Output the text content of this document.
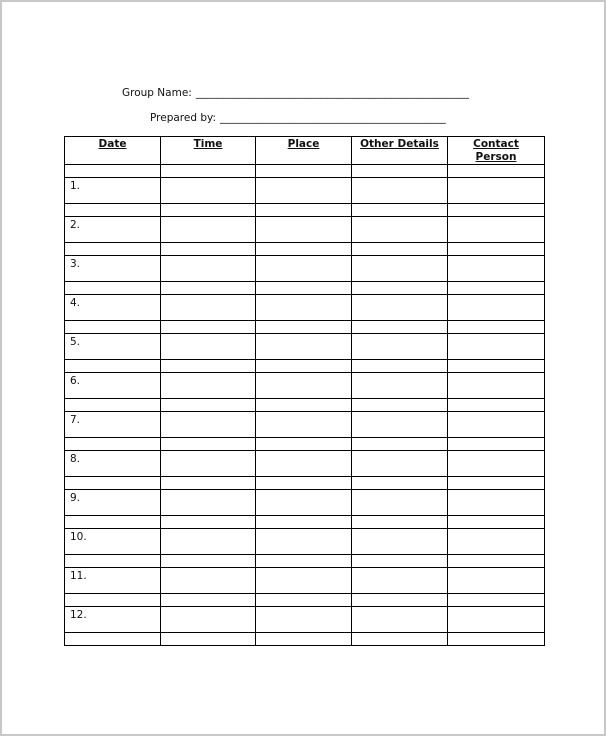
Group Name: ____________________________________________________
Prepared by: ___________________________________________
Date	Time	Place	Other Details	Contact Person

1.				

2.				

3.				

4.				

5.				

6.				

7.				

8.				

9.				

10.				

11.				

12.				
